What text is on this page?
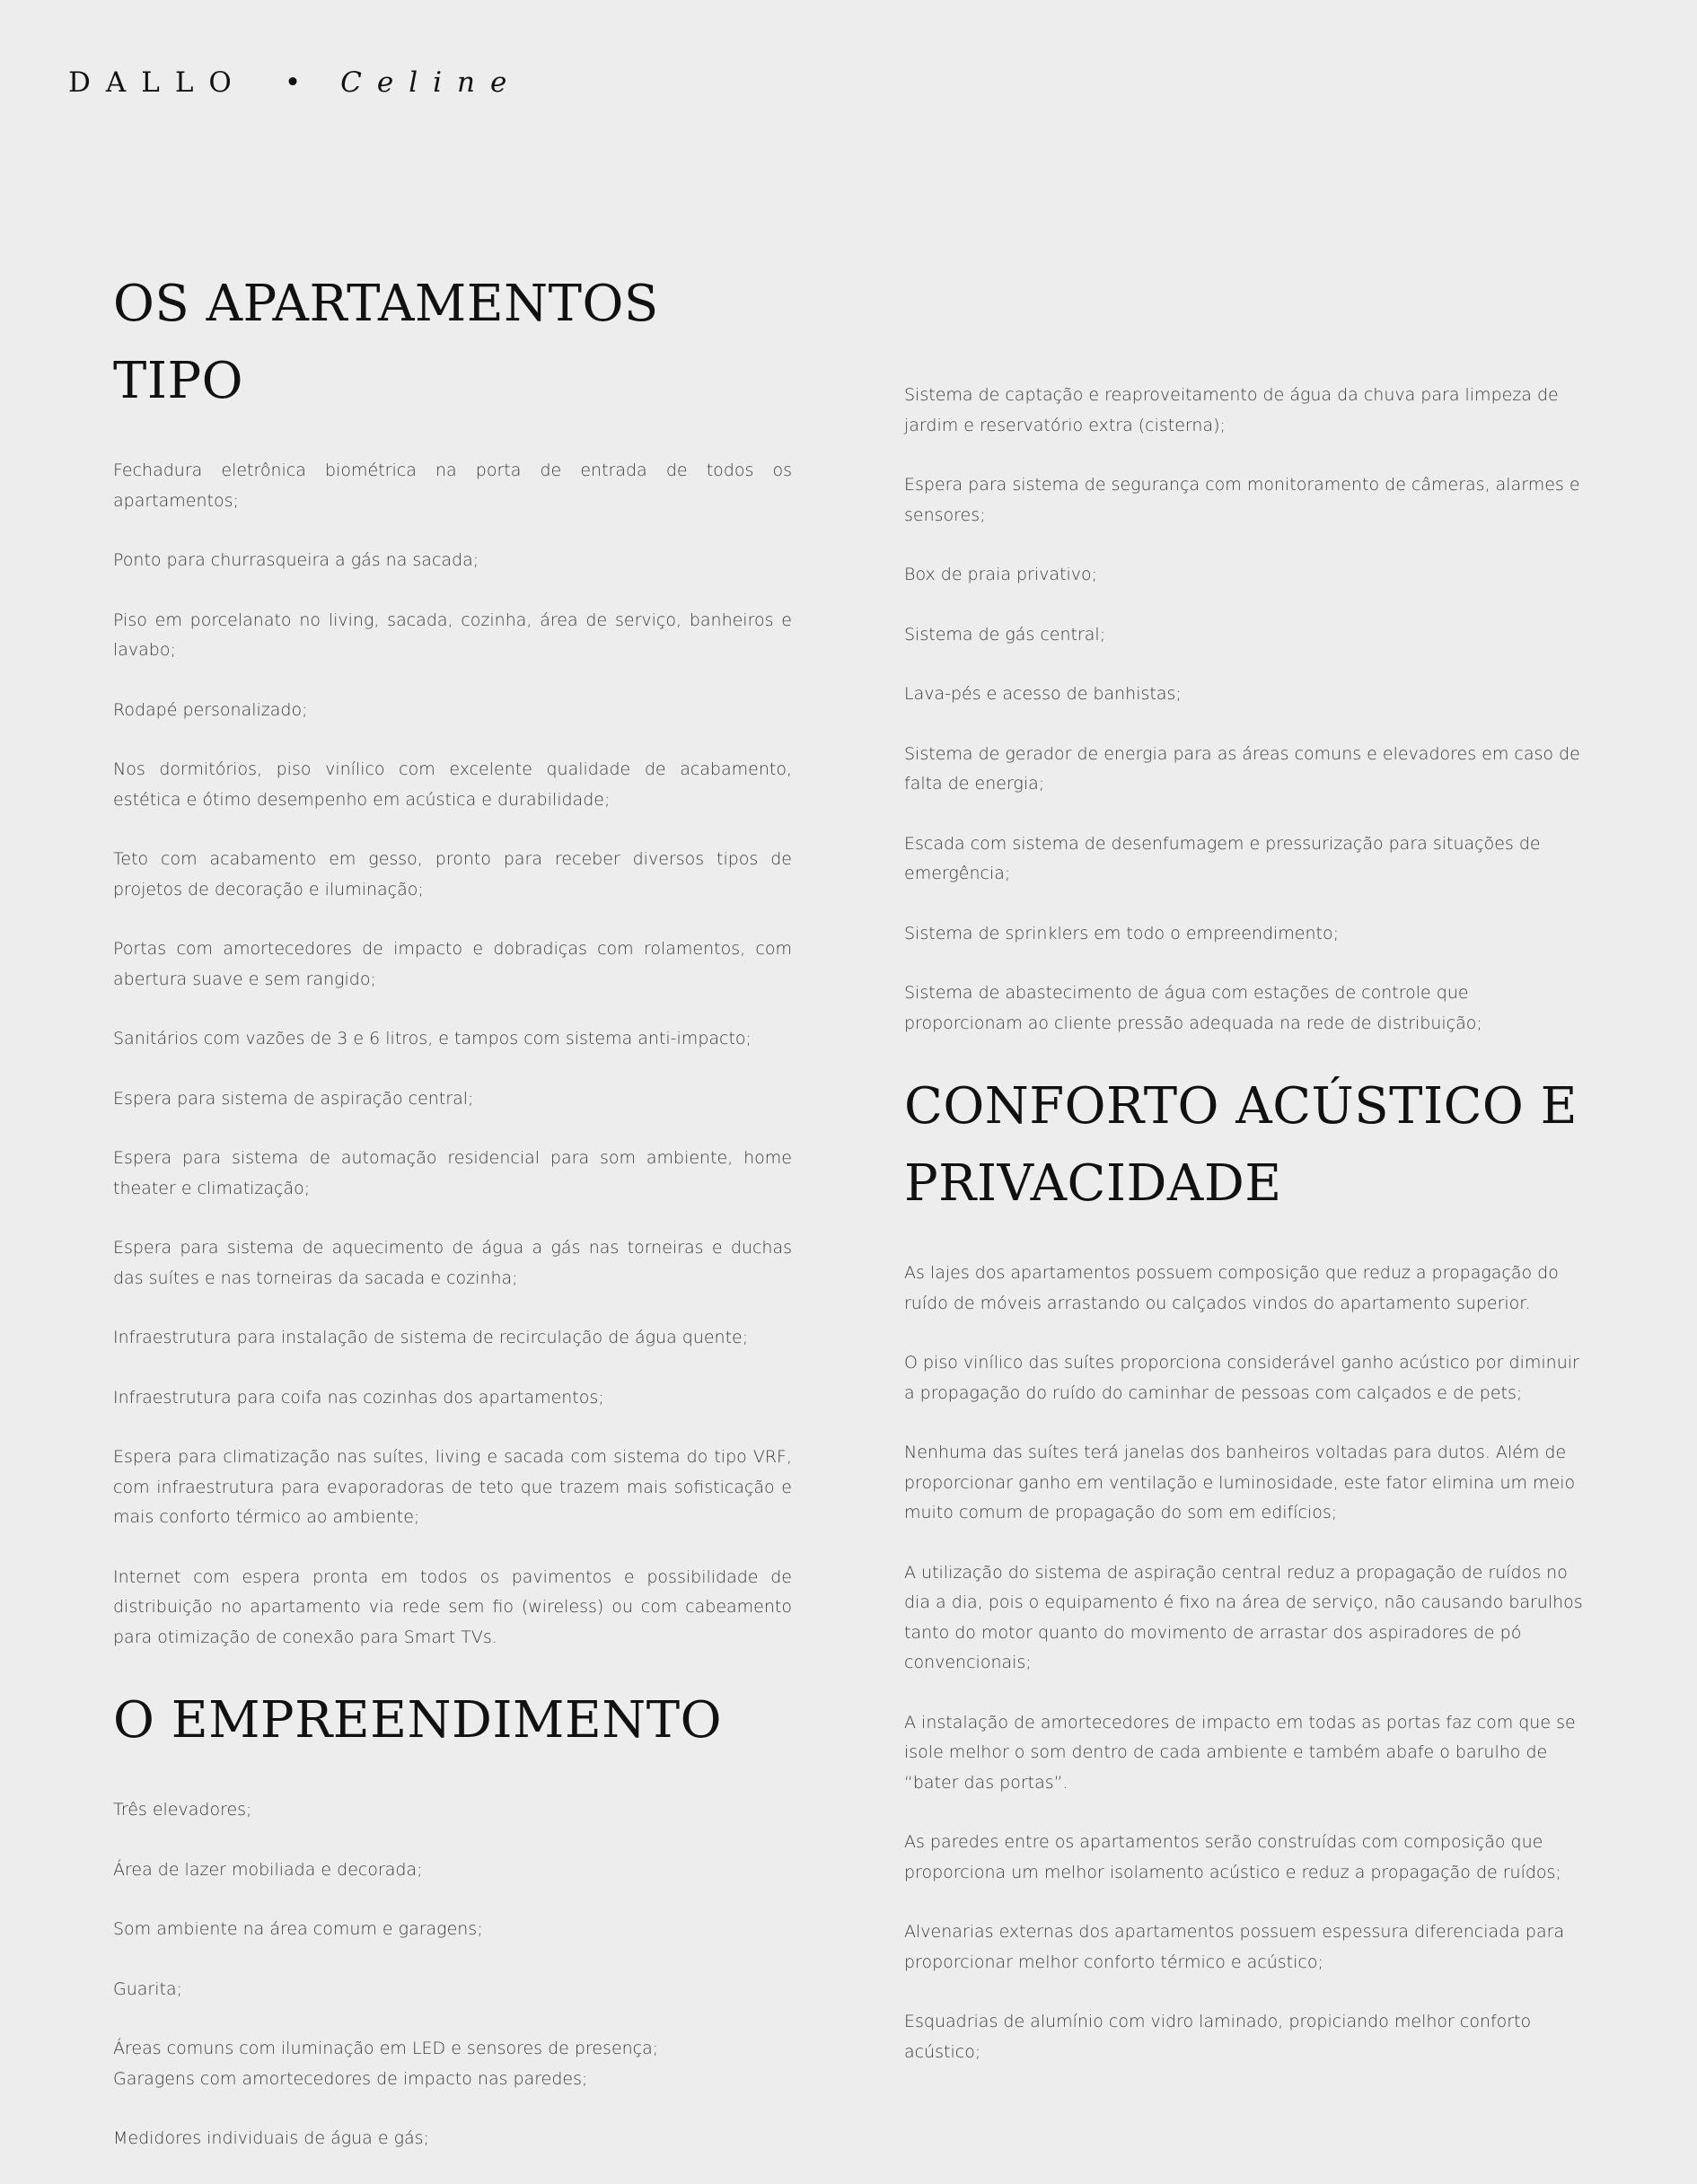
DALLO • Celine
OS APARTAMENTOS TIPO
Fechadura eletrônica biométrica na porta de entrada de todos os apartamentos;
Ponto para churrasqueira a gás na sacada;
Piso em porcelanato no living, sacada, cozinha, área de serviço, banheiros e lavabo;
Rodapé personalizado;
Nos dormitórios, piso vinílico com excelente qualidade de acabamento, estética e ótimo desempenho em acústica e durabilidade;
Teto com acabamento em gesso, pronto para receber diversos tipos de projetos de decoração e iluminação;
Portas com amortecedores de impacto e dobradiças com rolamentos, com abertura suave e sem rangido;
Sanitários com vazões de 3 e 6 litros, e tampos com sistema anti-impacto;
Espera para sistema de aspiração central;
Espera para sistema de automação residencial para som ambiente, home theater e climatização;
Espera para sistema de aquecimento de água a gás nas torneiras e duchas das suítes e nas torneiras da sacada e cozinha;
Infraestrutura para instalação de sistema de recirculação de água quente;
Infraestrutura para coifa nas cozinhas dos apartamentos;
Espera para climatização nas suítes, living e sacada com sistema do tipo VRF, com infraestrutura para evaporadoras de teto que trazem mais sofisticação e mais conforto térmico ao ambiente;
Internet com espera pronta em todos os pavimentos e possibilidade de distribuição no apartamento via rede sem fio (wireless) ou com cabeamento para otimização de conexão para Smart TVs.
O EMPREENDIMENTO
Três elevadores;
Área de lazer mobiliada e decorada;
Som ambiente na área comum e garagens;
Guarita;
Áreas comuns com iluminação em LED e sensores de presença;
Garagens com amortecedores de impacto nas paredes;
Medidores individuais de água e gás;
Sistema de captação e reaproveitamento de água da chuva para limpeza de jardim e reservatório extra (cisterna);
Espera para sistema de segurança com monitoramento de câmeras, alarmes e sensores;
Box de praia privativo;
Sistema de gás central;
Lava-pés e acesso de banhistas;
Sistema de gerador de energia para as áreas comuns e elevadores em caso de falta de energia;
Escada com sistema de desenfumagem e pressurização para situações de emergência;
Sistema de sprinklers em todo o empreendimento;
Sistema de abastecimento de água com estações de controle que proporcionam ao cliente pressão adequada na rede de distribuição;
CONFORTO ACÚSTICO E PRIVACIDADE
As lajes dos apartamentos possuem composição que reduz a propagação do ruído de móveis arrastando ou calçados vindos do apartamento superior.
O piso vinílico das suítes proporciona considerável ganho acústico por diminuir a propagação do ruído do caminhar de pessoas com calçados e de pets;
Nenhuma das suítes terá janelas dos banheiros voltadas para dutos. Além de proporcionar ganho em ventilação e luminosidade, este fator elimina um meio muito comum de propagação do som em edifícios;
A utilização do sistema de aspiração central reduz a propagação de ruídos no dia a dia, pois o equipamento é fixo na área de serviço, não causando barulhos tanto do motor quanto do movimento de arrastar dos aspiradores de pó convencionais;
A instalação de amortecedores de impacto em todas as portas faz com que se isole melhor o som dentro de cada ambiente e também abafe o barulho de “bater das portas”.
As paredes entre os apartamentos serão construídas com composição que proporciona um melhor isolamento acústico e reduz a propagação de ruídos;
Alvenarias externas dos apartamentos possuem espessura diferenciada para proporcionar melhor conforto térmico e acústico;
Esquadrias de alumínio com vidro laminado, propiciando melhor conforto acústico;
